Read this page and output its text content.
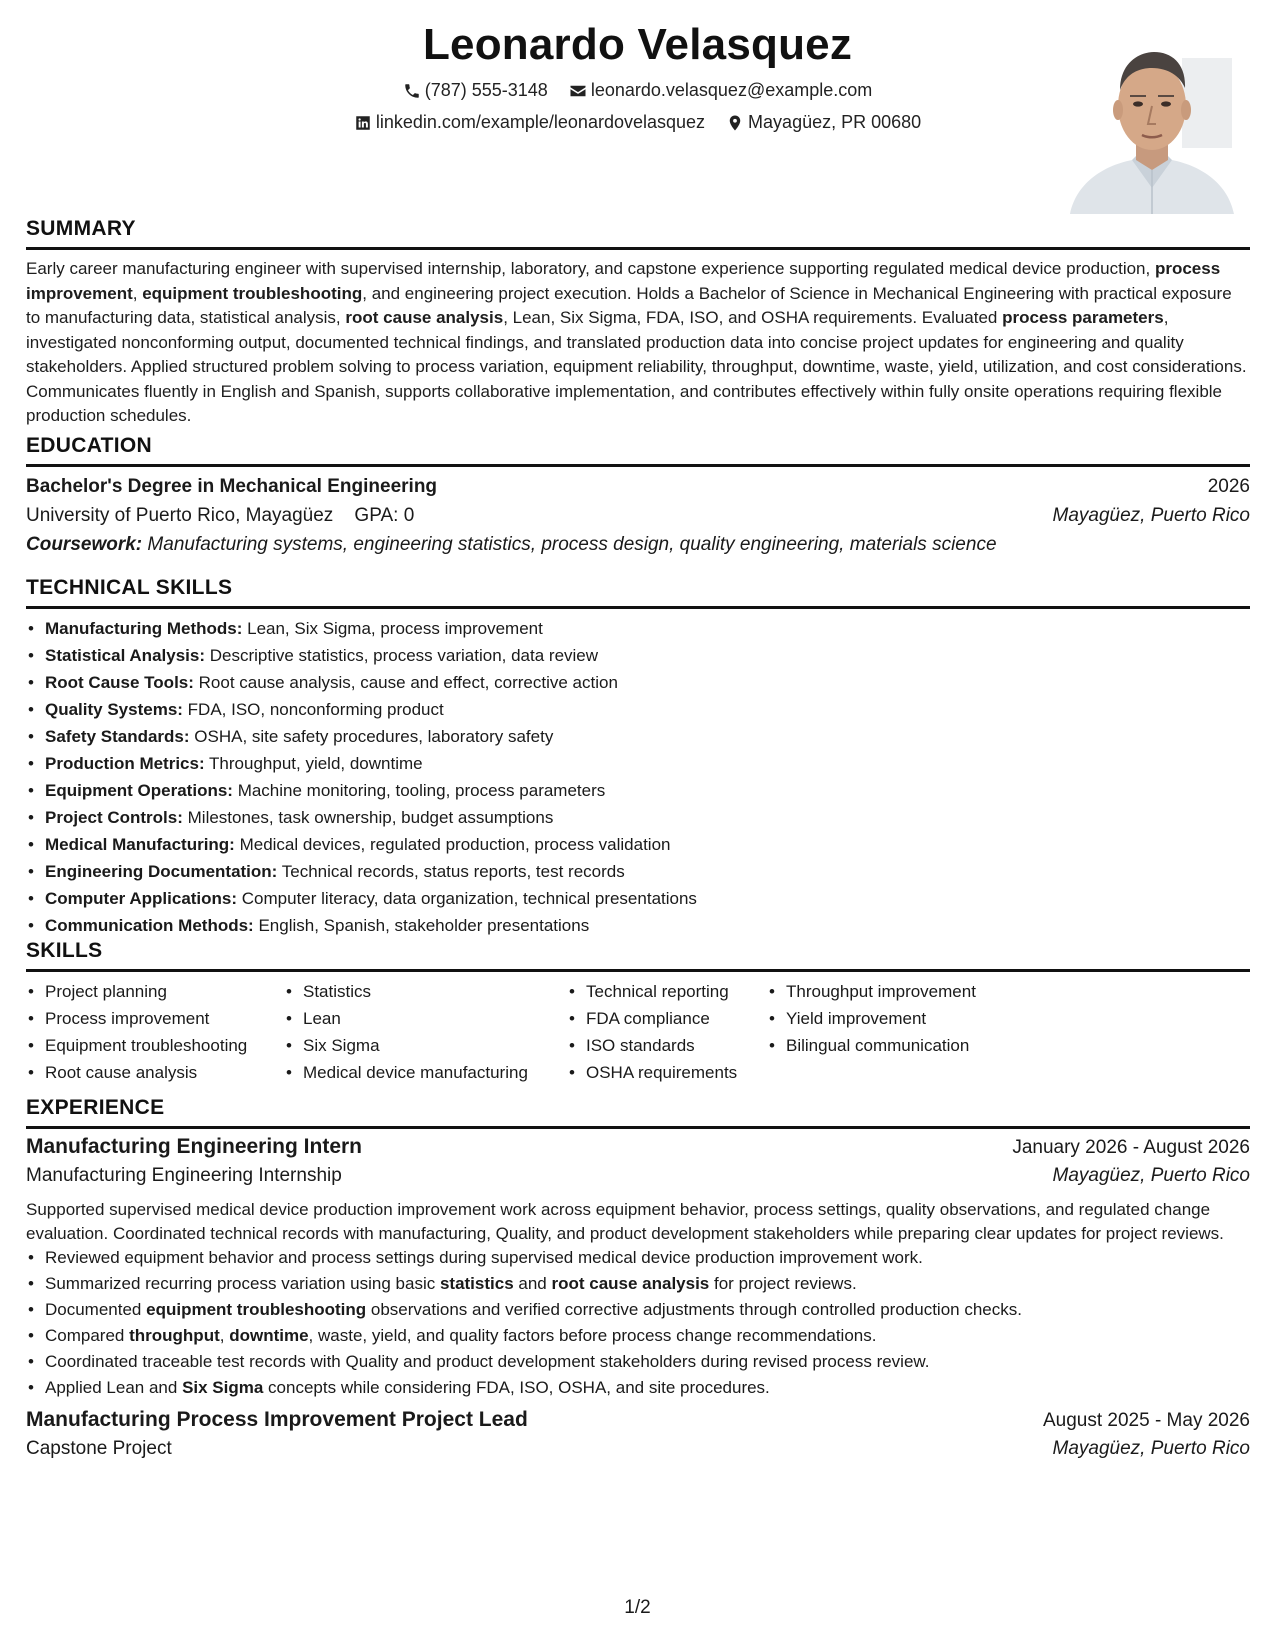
Leonardo Velasquez
(787) 555-3148
leonardo.velasquez@example.com
linkedin.com/example/leonardovelasquez
Mayagüez, PR 00680
SUMMARY

Early career manufacturing engineer with supervised internship, laboratory, and capstone experience supporting regulated medical device production, process improvement, equipment troubleshooting, and engineering project execution. Holds a Bachelor of Science in Mechanical Engineering with practical exposure to manufacturing data, statistical analysis, root cause analysis, Lean, Six Sigma, FDA, ISO, and OSHA requirements. Evaluated process parameters, investigated nonconforming output, documented technical findings, and translated production data into concise project updates for engineering and quality stakeholders. Applied structured problem solving to process variation, equipment reliability, throughput, downtime, waste, yield, utilization, and cost considerations. Communicates fluently in English and Spanish, supports collaborative implementation, and contributes effectively within fully onsite operations requiring flexible production schedules.

EDUCATION
Bachelor's Degree in Mechanical Engineering	2026
University of Puerto Rico, Mayagüez GPA: 0	Mayagüez, Puerto Rico
Coursework: Manufacturing systems, engineering statistics, process design, quality engineering, materials science
TECHNICAL SKILLS
• Manufacturing Methods: Lean, Six Sigma, process improvement
• Statistical Analysis: Descriptive statistics, process variation, data review
• Root Cause Tools: Root cause analysis, cause and effect, corrective action
• Quality Systems: FDA, ISO, nonconforming product
• Safety Standards: OSHA, site safety procedures, laboratory safety
• Production Metrics: Throughput, yield, downtime
• Equipment Operations: Machine monitoring, tooling, process parameters
• Project Controls: Milestones, task ownership, budget assumptions
• Medical Manufacturing: Medical devices, regulated production, process validation
• Engineering Documentation: Technical records, status reports, test records
• Computer Applications: Computer literacy, data organization, technical presentations
• Communication Methods: English, Spanish, stakeholder presentations
SKILLS
• Project planning
• Process improvement
• Equipment troubleshooting
• Root cause analysis
• Statistics
• Lean
• Six Sigma
• Medical device manufacturing
• Technical reporting
• FDA compliance
• ISO standards
• OSHA requirements
• Throughput improvement
• Yield improvement
• Bilingual communication
EXPERIENCE
Manufacturing Engineering Intern	January 2026 - August 2026
Manufacturing Engineering Internship	Mayagüez, Puerto Rico

Supported supervised medical device production improvement work across equipment behavior, process settings, quality observations, and regulated change evaluation. Coordinated technical records with manufacturing, Quality, and product development stakeholders while preparing clear updates for project reviews.

• Reviewed equipment behavior and process settings during supervised medical device production improvement work.
• Summarized recurring process variation using basic statistics and root cause analysis for project reviews.
• Documented equipment troubleshooting observations and verified corrective adjustments through controlled production checks.
• Compared throughput, downtime, waste, yield, and quality factors before process change recommendations.
• Coordinated traceable test records with Quality and product development stakeholders during revised process review.
• Applied Lean and Six Sigma concepts while considering FDA, ISO, OSHA, and site procedures.
Manufacturing Process Improvement Project Lead	August 2025 - May 2026
Capstone Project	Mayagüez, Puerto Rico
1/2
